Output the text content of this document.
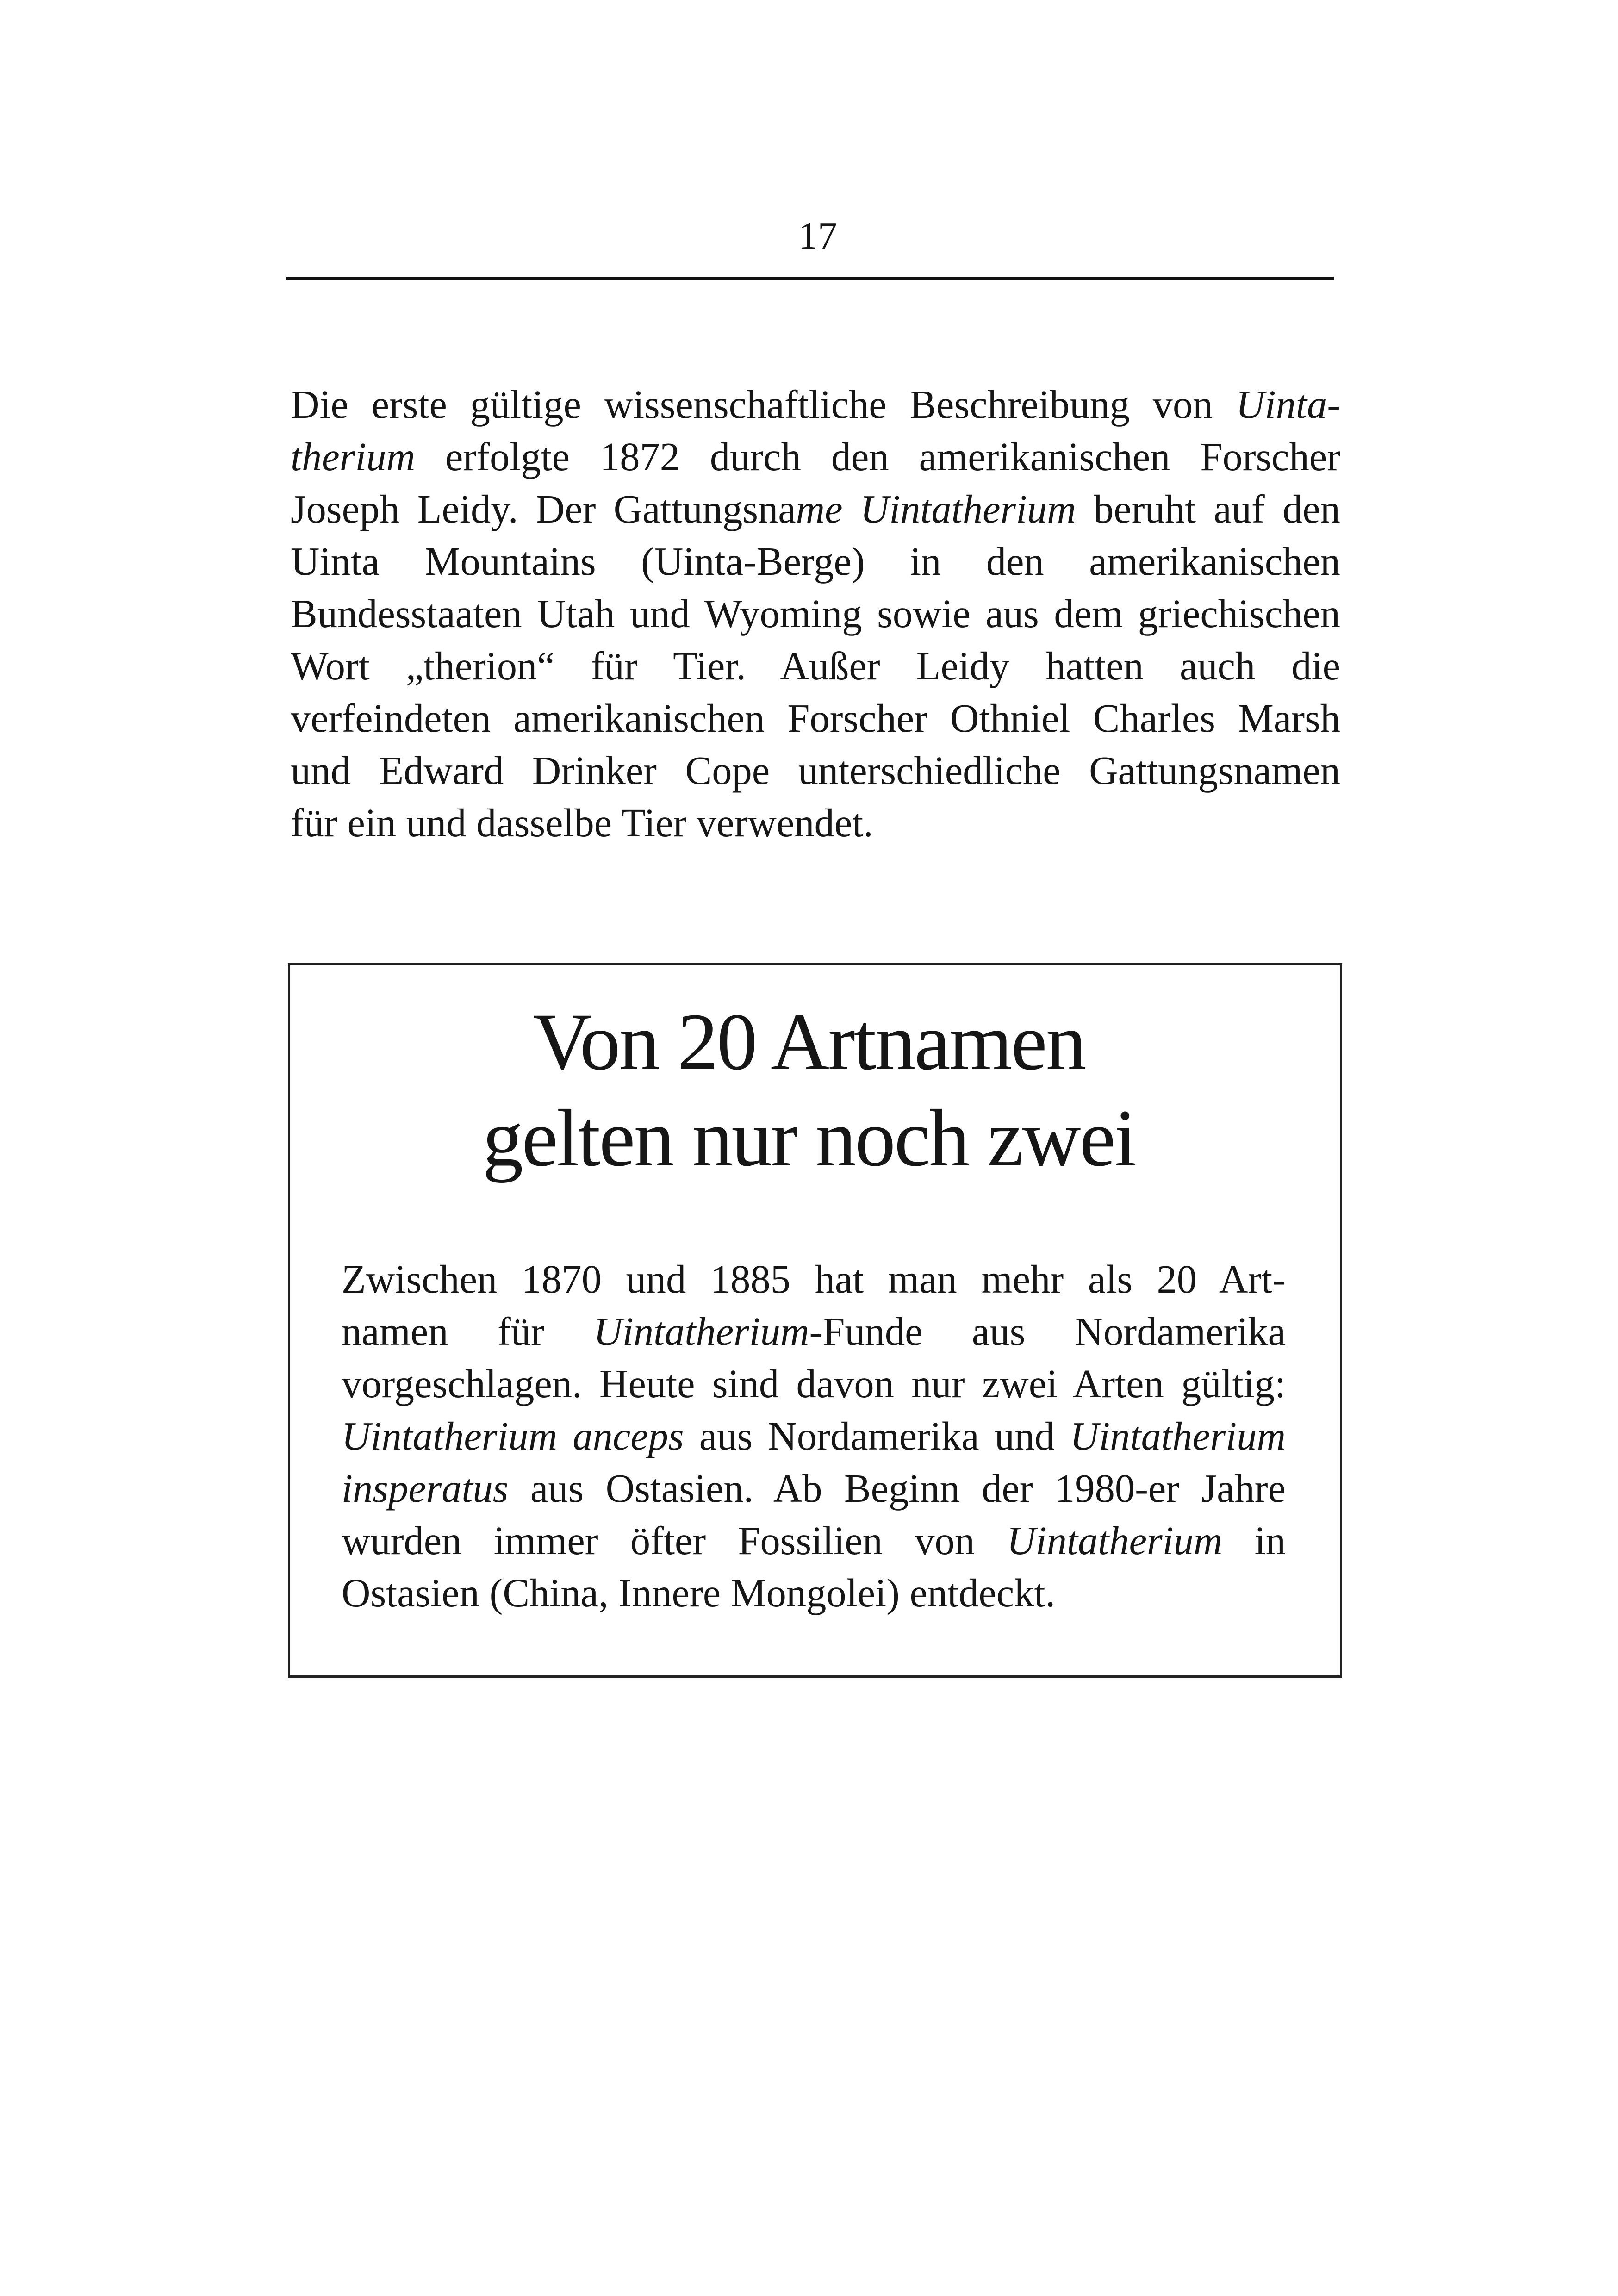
17
Die erste gültige wissenschaftliche Beschreibung von Uinta-
therium erfolgte 1872 durch den amerikanischen Forscher
Joseph Leidy. Der Gattungsname Uintatherium beruht auf den
Uinta Mountains (Uinta-Berge) in den amerikanischen
Bundesstaaten Utah und Wyoming sowie aus dem griechischen
Wort „therion“ für Tier. Außer Leidy hatten auch die
verfeindeten amerikanischen Forscher Othniel Charles Marsh
und Edward Drinker Cope unterschiedliche Gattungsnamen
für ein und dasselbe Tier verwendet.
Von 20 Artnamen
gelten nur noch zwei
Zwischen 1870 und 1885 hat man mehr als 20 Art-
namen für Uintatherium-Funde aus Nordamerika
vorgeschlagen. Heute sind davon nur zwei Arten gültig:
Uintatherium anceps aus Nordamerika und Uintatherium
insperatus aus Ostasien. Ab Beginn der 1980-er Jahre
wurden immer öfter Fossilien von Uintatherium in
Ostasien (China, Innere Mongolei) entdeckt.
